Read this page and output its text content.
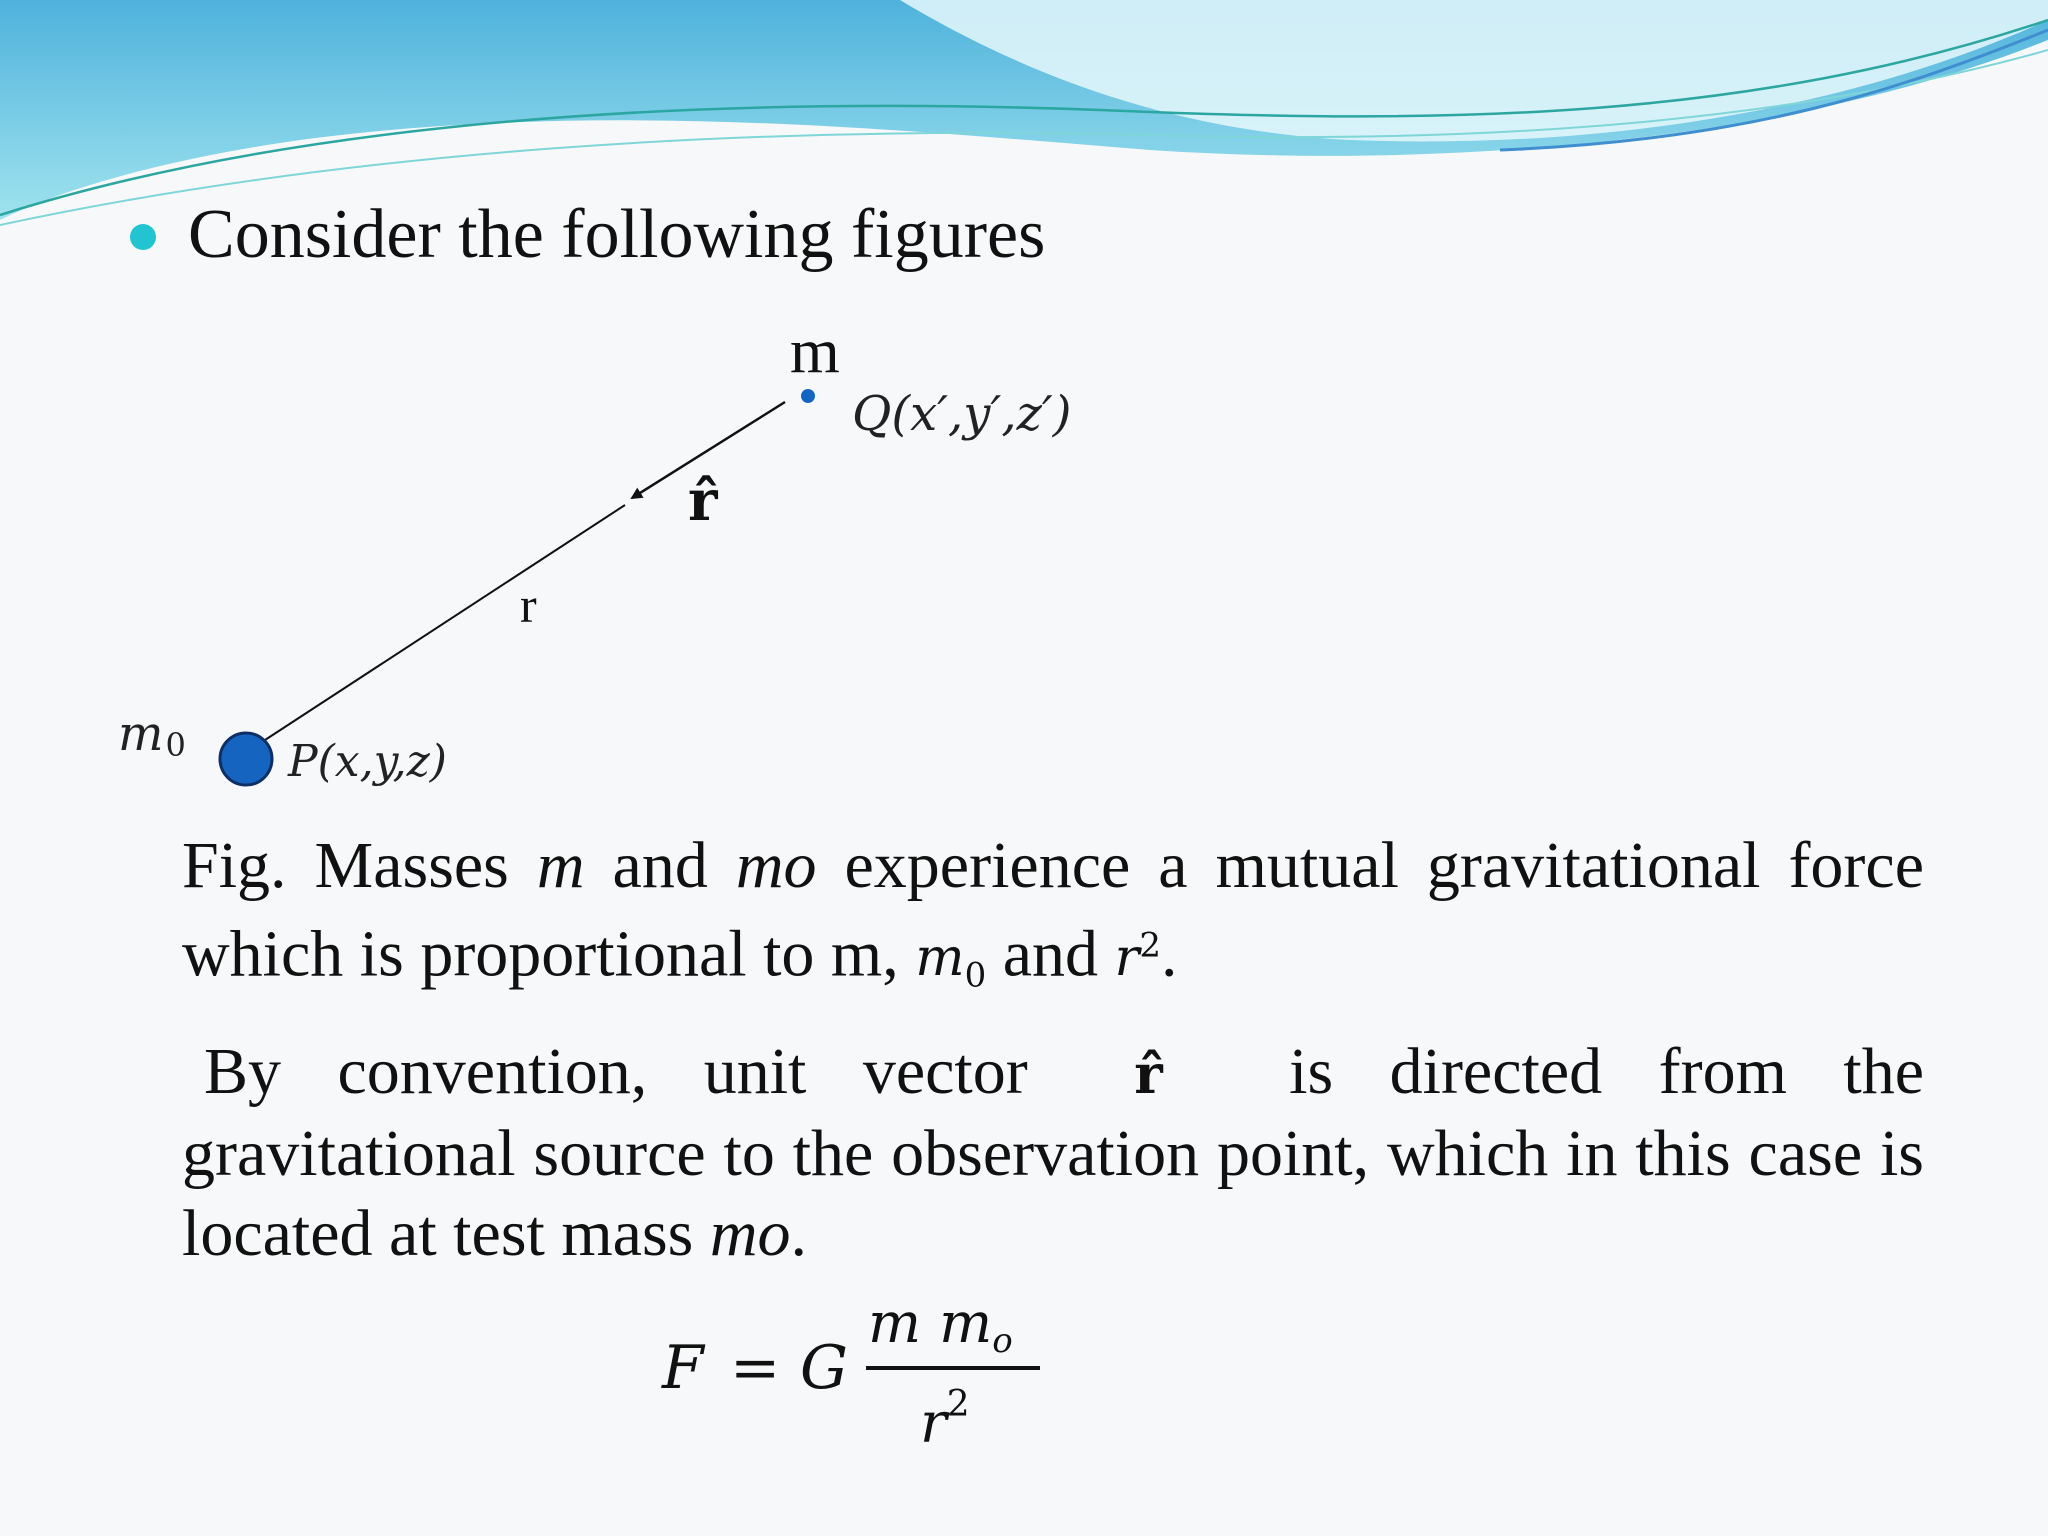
Consider the following figures
m
Q(x′,y′,z′)
r̂
r
m0 P(x,y,z)

Fig. Masses m and mo experience a mutual gravitational force which is proportional to m, $m_0$ and $r^2$.

By convention, unit vector r̂ is directed from the gravitational source to the observation point, which in this case is located at test mass mo.

F = G
m mo
$r^2$
